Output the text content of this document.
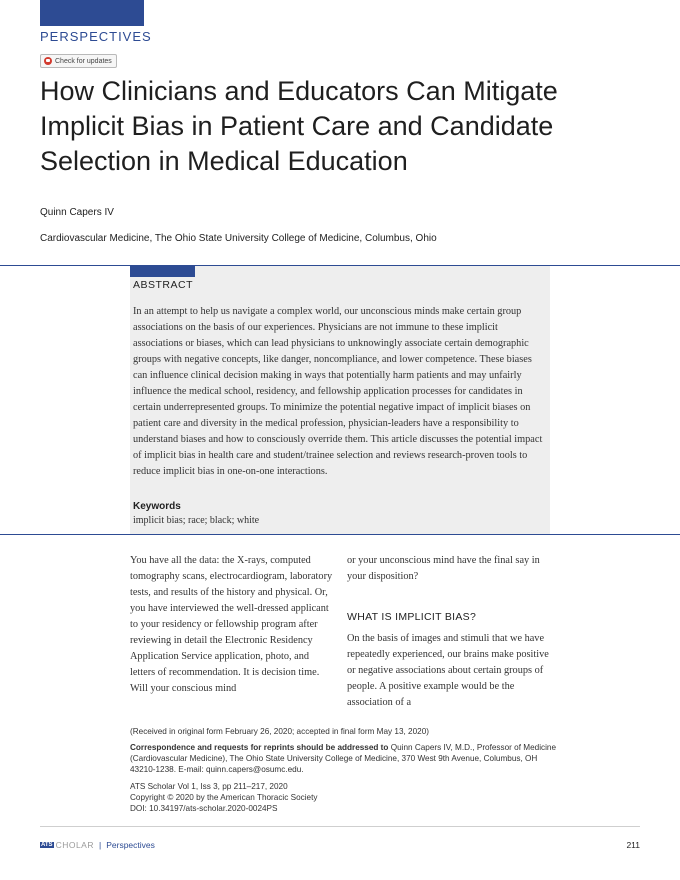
PERSPECTIVES
Check for updates
How Clinicians and Educators Can Mitigate Implicit Bias in Patient Care and Candidate Selection in Medical Education
Quinn Capers IV
Cardiovascular Medicine, The Ohio State University College of Medicine, Columbus, Ohio
ABSTRACT

In an attempt to help us navigate a complex world, our unconscious minds make certain group associations on the basis of our experiences. Physicians are not immune to these implicit associations or biases, which can lead physicians to unknowingly associate certain demographic groups with negative concepts, like danger, noncompliance, and lower competence. These biases can influence clinical decision making in ways that potentially harm patients and may unfairly influence the medical school, residency, and fellowship application processes for candidates in certain underrepresented groups. To minimize the potential negative impact of implicit biases on patient care and diversity in the medical profession, physician-leaders have a responsibility to understand biases and how to consciously override them. This article discusses the potential impact of implicit bias in health care and student/trainee selection and reviews research-proven tools to reduce implicit bias in one-on-one interactions.

Keywords
implicit bias; race; black; white

You have all the data: the X-rays, computed tomography scans, electrocardiogram, laboratory tests, and results of the history and physical. Or, you have interviewed the well-dressed applicant to your residency or fellowship program after reviewing in detail the Electronic Residency Application Service application, photo, and letters of recommendation. It is decision time. Will your conscious mind

or your unconscious mind have the final say in your disposition?

WHAT IS IMPLICIT BIAS?

On the basis of images and stimuli that we have repeatedly experienced, our brains make positive or negative associations about certain groups of people. A positive example would be the association of a

(Received in original form February 26, 2020; accepted in final form May 13, 2020)

Correspondence and requests for reprints should be addressed to Quinn Capers IV, M.D., Professor of Medicine (Cardiovascular Medicine), The Ohio State University College of Medicine, 370 West 9th Avenue, Columbus, OH 43210-1238. E-mail: quinn.capers@osumc.edu.

ATS Scholar Vol 1, Iss 3, pp 211–217, 2020

Copyright © 2020 by the American Thoracic Society

DOI: 10.34197/ats-scholar.2020-0024PS

ATS CHOLAR | Perspectives	211
